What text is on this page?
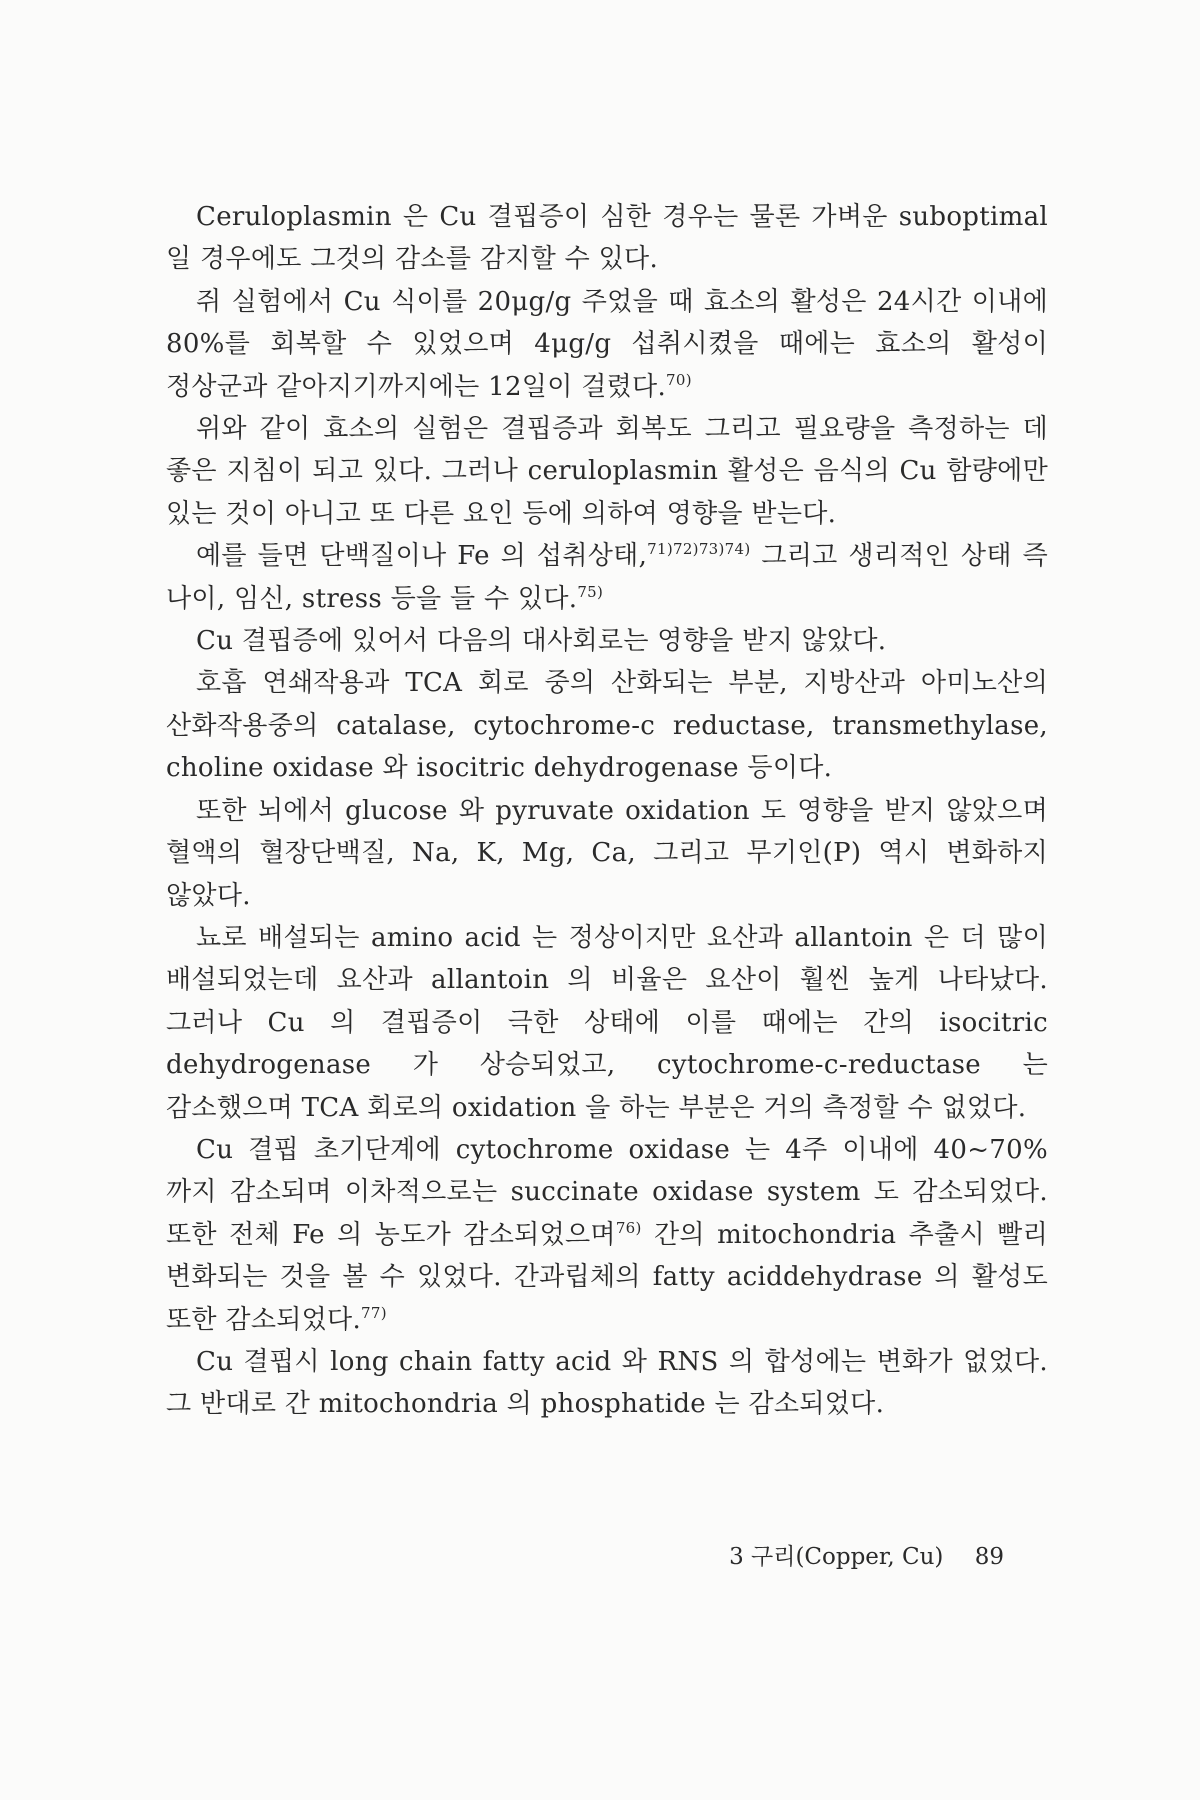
Ceruloplasmin 은 Cu 결핍증이 심한 경우는 물론 가벼운 suboptimal 일 경우에도 그것의 감소를 감지할 수 있다.

쥐 실험에서 Cu 식이를 20μg/g 주었을 때 효소의 활성은 24시간 이내에 80%를 회복할 수 있었으며 4μg/g 섭취시켰을 때에는 효소의 활성이 정상군과 같아지기까지에는 12일이 걸렸다.$^{70)}$

위와 같이 효소의 실험은 결핍증과 회복도 그리고 필요량을 측정하는 데 좋은 지침이 되고 있다. 그러나 ceruloplasmin 활성은 음식의 Cu 함량에만 있는 것이 아니고 또 다른 요인 등에 의하여 영향을 받는다.

예를 들면 단백질이나 Fe 의 섭취상태,$^{71)72)73)74)}$ 그리고 생리적인 상태 즉 나이, 임신, stress 등을 들 수 있다.$^{75)}$

Cu 결핍증에 있어서 다음의 대사회로는 영향을 받지 않았다.

호흡 연쇄작용과 TCA 회로 중의 산화되는 부분, 지방산과 아미노산의 산화작용중의 catalase, cytochrome-c reductase, transmethylase, choline oxidase 와 isocitric dehydrogenase 등이다.

또한 뇌에서 glucose 와 pyruvate oxidation 도 영향을 받지 않았으며 혈액의 혈장단백질, Na, K, Mg, Ca, 그리고 무기인(P) 역시 변화하지 않았다.

뇨로 배설되는 amino acid 는 정상이지만 요산과 allantoin 은 더 많이 배설되었는데 요산과 allantoin 의 비율은 요산이 훨씬 높게 나타났다. 그러나 Cu 의 결핍증이 극한 상태에 이를 때에는 간의 isocitric dehydrogenase 가 상승되었고, cytochrome-c-reductase 는 감소했으며 TCA 회로의 oxidation 을 하는 부분은 거의 측정할 수 없었다.

Cu 결핍 초기단계에 cytochrome oxidase 는 4주 이내에 40~70% 까지 감소되며 이차적으로는 succinate oxidase system 도 감소되었다. 또한 전체 Fe 의 농도가 감소되었으며$^{76)}$ 간의 mitochondria 추출시 빨리 변화되는 것을 볼 수 있었다. 간과립체의 fatty aciddehydrase 의 활성도 또한 감소되었다.$^{77)}$

Cu 결핍시 long chain fatty acid 와 RNS 의 합성에는 변화가 없었다. 그 반대로 간 mitochondria 의 phosphatide 는 감소되었다.

3 구리(Copper, Cu) 89
